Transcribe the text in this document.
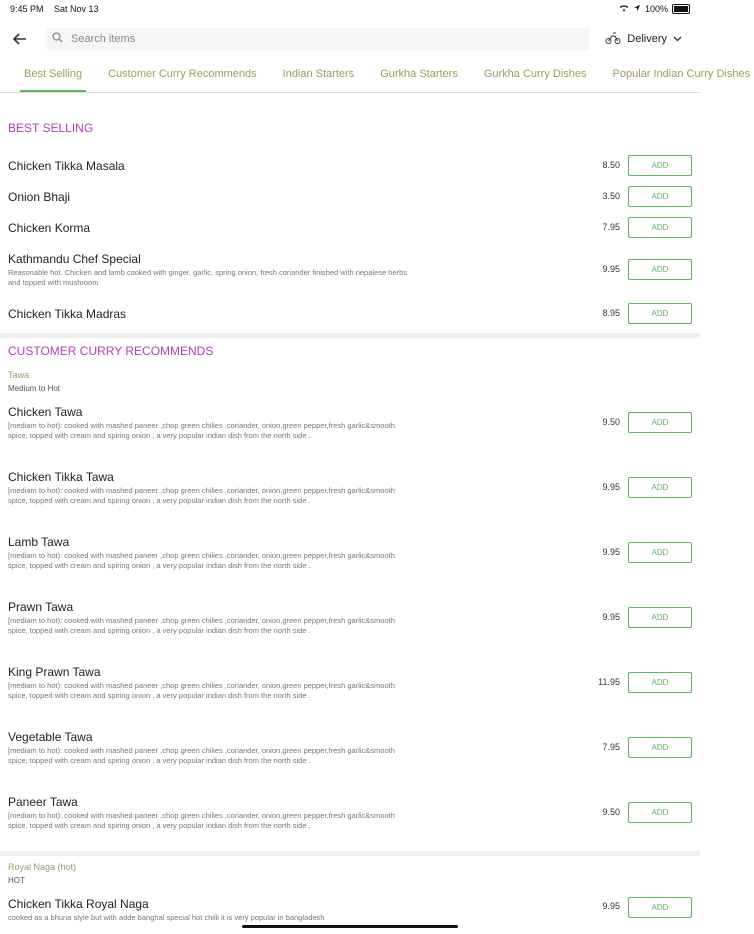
9:45 PM Sat Nov 13	100%
Search items
Delivery
Best Selling	Customer Curry Recommends	Indian Starters	Gurkha Starters	Gurkha Curry Dishes	Popular Indian Curry Dishes
BEST SELLING
Chicken Tikka Masala	8.50	ADD
Onion Bhaji	3.50	ADD
Chicken Korma	7.95	ADD
Kathmandu Chef Special
Reasonable hot. Chicken and lamb cooked with ginger, garlic, spring onion, fresh coriander finished with nepalese herbs and topped with mushroom
9.95	ADD
Chicken Tikka Madras	8.95	ADD
CUSTOMER CURRY RECOMMENDS
Tawa
Medium to Hot
Chicken Tawa
[mediam to hot): cooked with mashed paneer ,chop green chilies ,coriander, onion,green pepper,fresh garlic&smooth spice, topped with cream and spiring onion , a very popular indian dish from the north side .
9.50	ADD
Chicken Tikka Tawa
[mediam to hot): cooked with mashed paneer ,chop green chilies ,coriander, onion,green pepper,fresh garlic&smooth spice, topped with cream and spiring onion , a very popular indian dish from the north side .
9.95	ADD
Lamb Tawa
[mediam to hot): cooked with mashed paneer ,chop green chilies ,coriander, onion,green pepper,fresh garlic&smooth spice, topped with cream and spiring onion , a very popular indian dish from the north side .
9.95	ADD
Prawn Tawa
[mediam to hot): cooked with mashed paneer ,chop green chilies ,coriander, onion,green pepper,fresh garlic&smooth spice, topped with cream and spiring onion , a very popular indian dish from the north side .
9.95	ADD
King Prawn Tawa
[mediam to hot): cooked with mashed paneer ,chop green chilies ,coriander, onion,green pepper,fresh garlic&smooth spice, topped with cream and spiring onion , a very popular indian dish from the north side .
11.95	ADD
Vegetable Tawa
[mediam to hot): cooked with mashed paneer ,chop green chilies ,coriander, onion,green pepper,fresh garlic&smooth spice, topped with cream and spiring onion , a very popular indian dish from the north side .
7.95	ADD
Paneer Tawa
[mediam to hot): cooked with mashed paneer ,chop green chilies ,coriander, onion,green pepper,fresh garlic&smooth spice, topped with cream and spiring onion , a very popular indian dish from the north side .
9.50	ADD
Royal Naga (hot)
HOT
Chicken Tikka Royal Naga
cooked as a bhuna style but with adde banghal special hot chilli it is very popular in bangladesh
9.95	ADD
